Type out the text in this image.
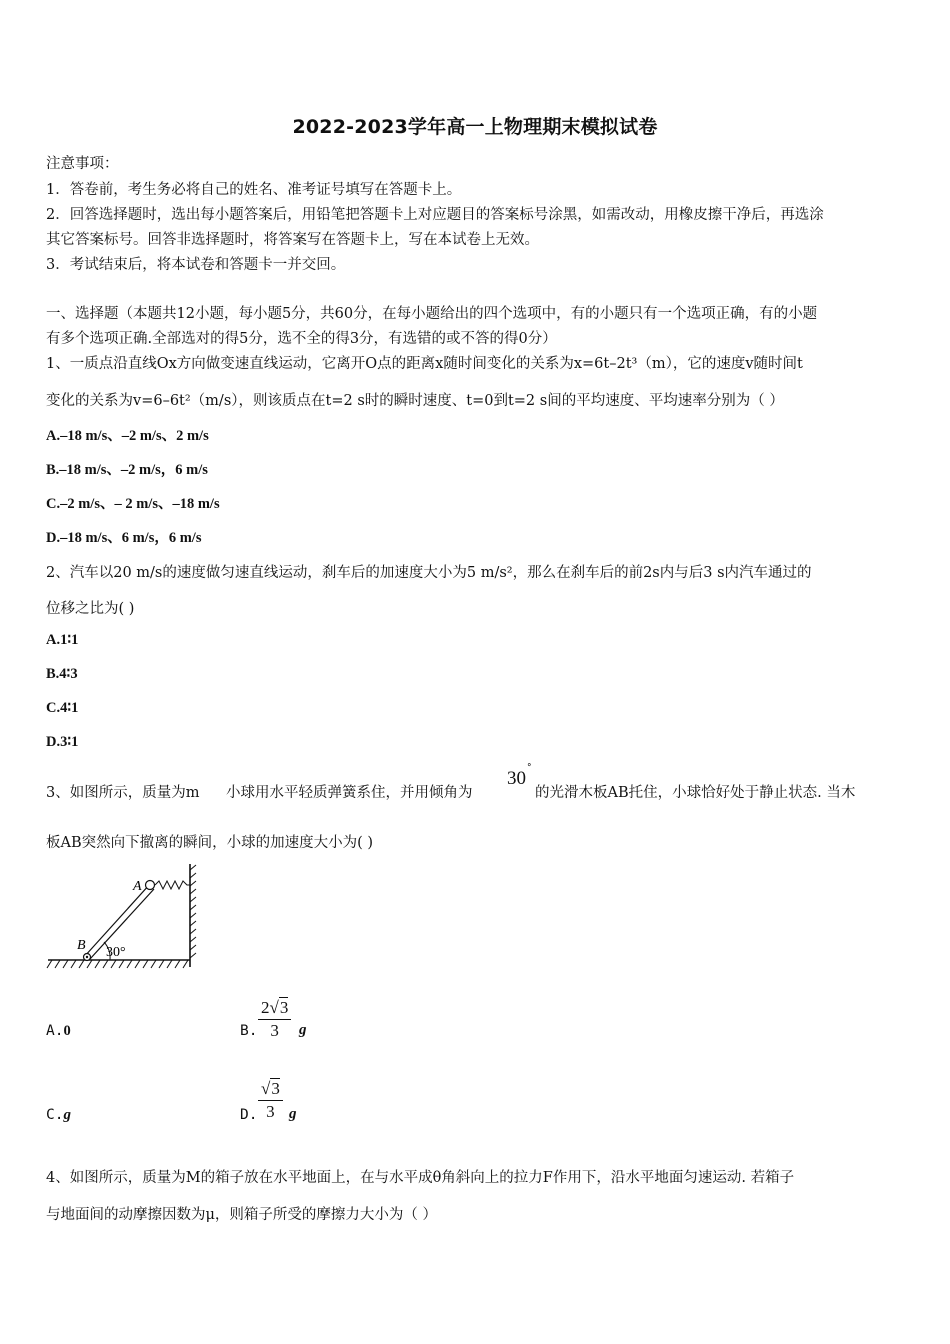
2022-2023学年高一上物理期末模拟试卷
注意事项：
1．答卷前，考生务必将自己的姓名、准考证号填写在答题卡上。
2．回答选择题时，选出每小题答案后，用铅笔把答题卡上对应题目的答案标号涂黑，如需改动，用橡皮擦干净后，再选涂
其它答案标号。回答非选择题时，将答案写在答题卡上，写在本试卷上无效。
3．考试结束后，将本试卷和答题卡一并交回。
一、选择题（本题共12小题，每小题5分，共60分，在每小题给出的四个选项中，有的小题只有一个选项正确，有的小题
有多个选项正确.全部选对的得5分，选不全的得3分，有选错的或不答的得0分）
1、一质点沿直线Ox方向做变速直线运动，它离开O点的距离x随时间变化的关系为x=6t–2t³（m），它的速度v随时间t
变化的关系为v=6–6t²（m/s），则该质点在t=2 s时的瞬时速度、t=0到t=2 s间的平均速度、平均速率分别为（ ）
A.–18 m/s、–2 m/s、2 m/s
B.–18 m/s、–2 m/s，6 m/s
C.–2 m/s、– 2 m/s、–18 m/s
D.–18 m/s、6 m/s，6 m/s
2、汽车以20 m/s的速度做匀速直线运动，刹车后的加速度大小为5 m/s²，那么在刹车后的前2s内与后3 s内汽车通过的
位移之比为( )
A.1∶1
B.4∶3
C.4∶1
D.3∶1
3、如图所示，质量为m 小球用水平轻质弹簧系住，并用倾角为
30 °
的光滑木板AB托住，小球恰好处于静止状态. 当木
板AB突然向下撤离的瞬间，小球的加速度大小为( )
A
B 30°
A.0	B. $\frac{2√3}{3}$ g
C.g	D. $\frac{√3}{3}$ g
4、如图所示，质量为M的箱子放在水平地面上，在与水平成θ角斜向上的拉力F作用下，沿水平地面匀速运动. 若箱子
与地面间的动摩擦因数为μ，则箱子所受的摩擦力大小为（ ）
